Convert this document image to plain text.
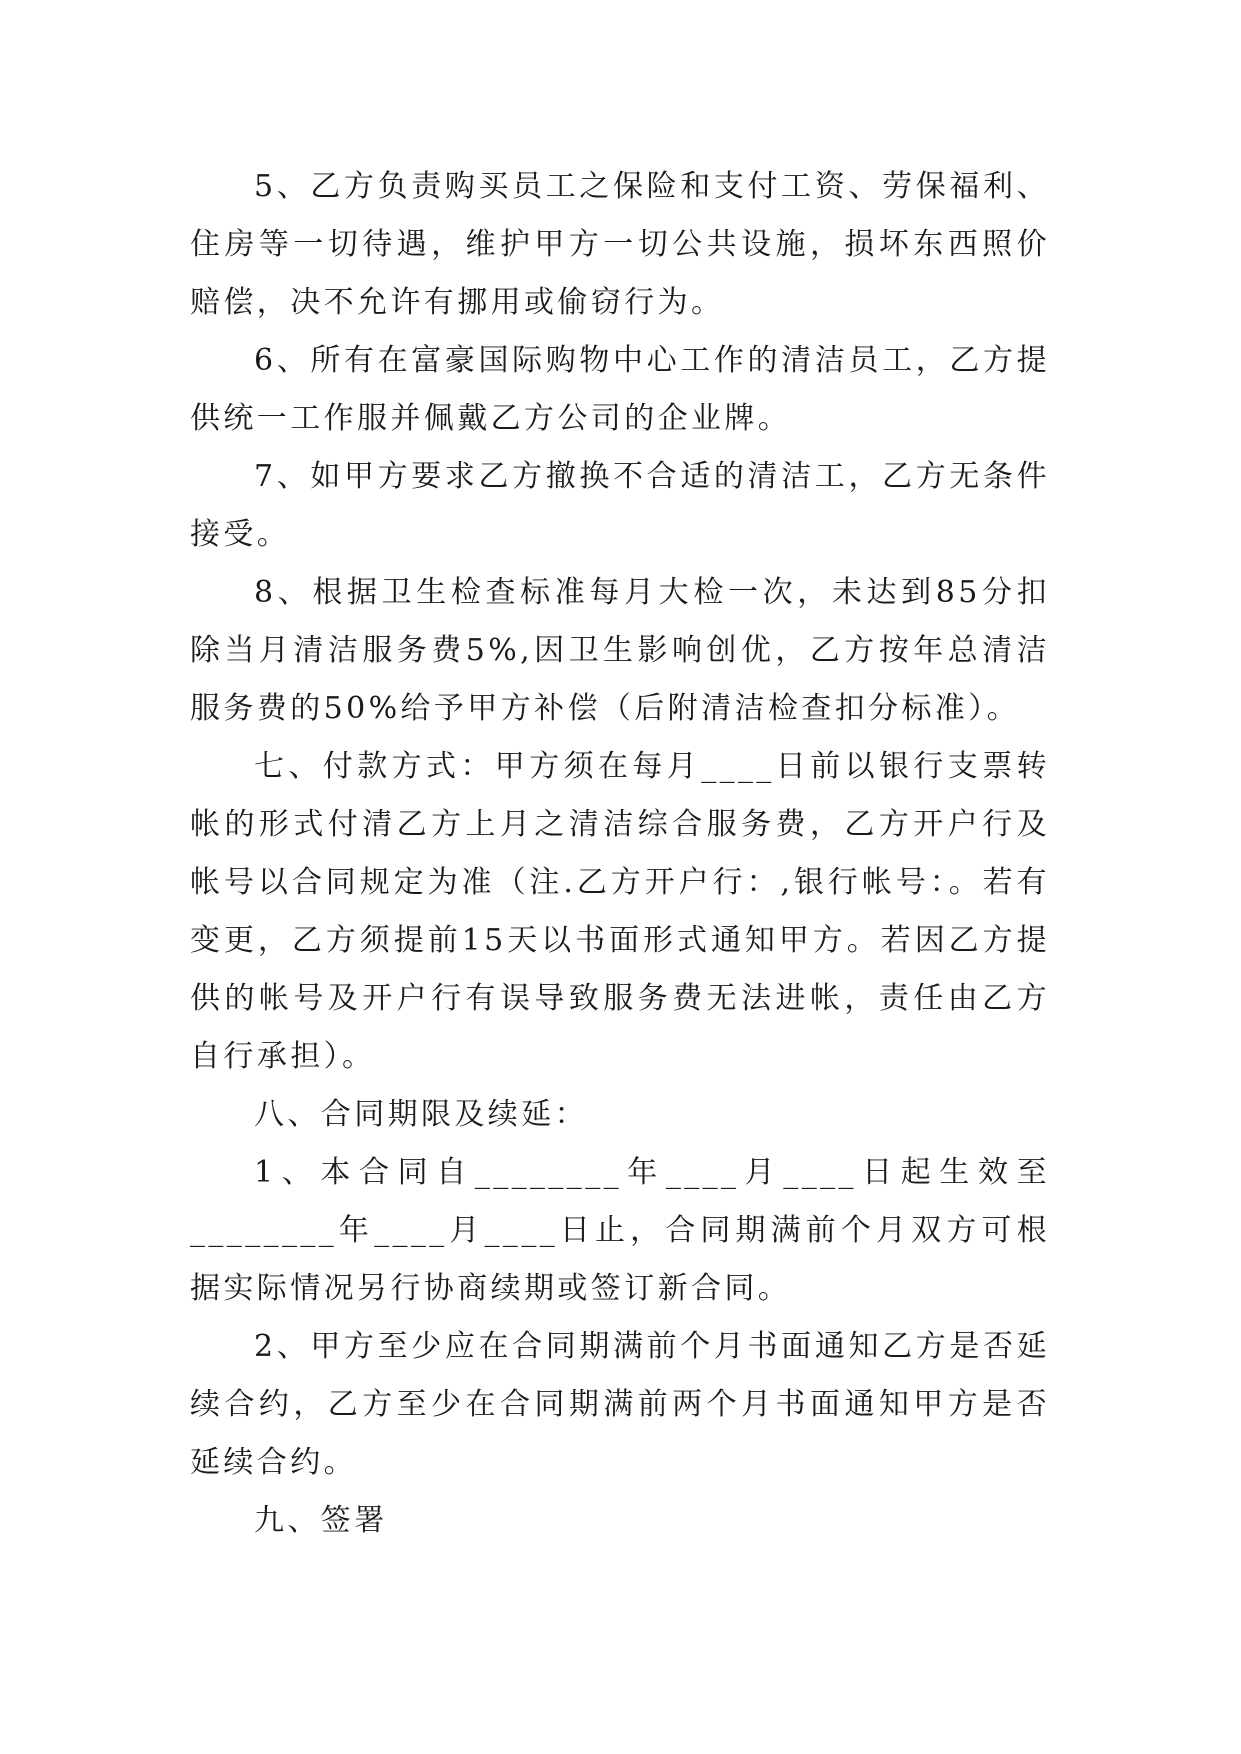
5、乙方负责购买员工之保险和支付工资、劳保福利、住房等一切待遇，维护甲方一切公共设施，损坏东西照价赔偿，决不允许有挪用或偷窃行为。

6、所有在富豪国际购物中心工作的清洁员工，乙方提供统一工作服并佩戴乙方公司的企业牌。

7、如甲方要求乙方撤换不合适的清洁工，乙方无条件接受。

8、根据卫生检查标准每月大检一次，未达到85分扣除当月清洁服务费5%,因卫生影响创优，乙方按年总清洁服务费的50%给予甲方补偿（后附清洁检查扣分标准）。

七、付款方式：甲方须在每月____日前以银行支票转帐的形式付清乙方上月之清洁综合服务费，乙方开户行及帐号以合同规定为准（注.乙方开户行：,银行帐号：。若有变更，乙方须提前15天以书面形式通知甲方。若因乙方提供的帐号及开户行有误导致服务费无法进帐，责任由乙方自行承担）。

八、合同期限及续延：

1、本合同自________年____月____日起生效至________年____月____日止，合同期满前个月双方可根据实际情况另行协商续期或签订新合同。

2、甲方至少应在合同期满前个月书面通知乙方是否延续合约，乙方至少在合同期满前两个月书面通知甲方是否延续合约。

九、签署
